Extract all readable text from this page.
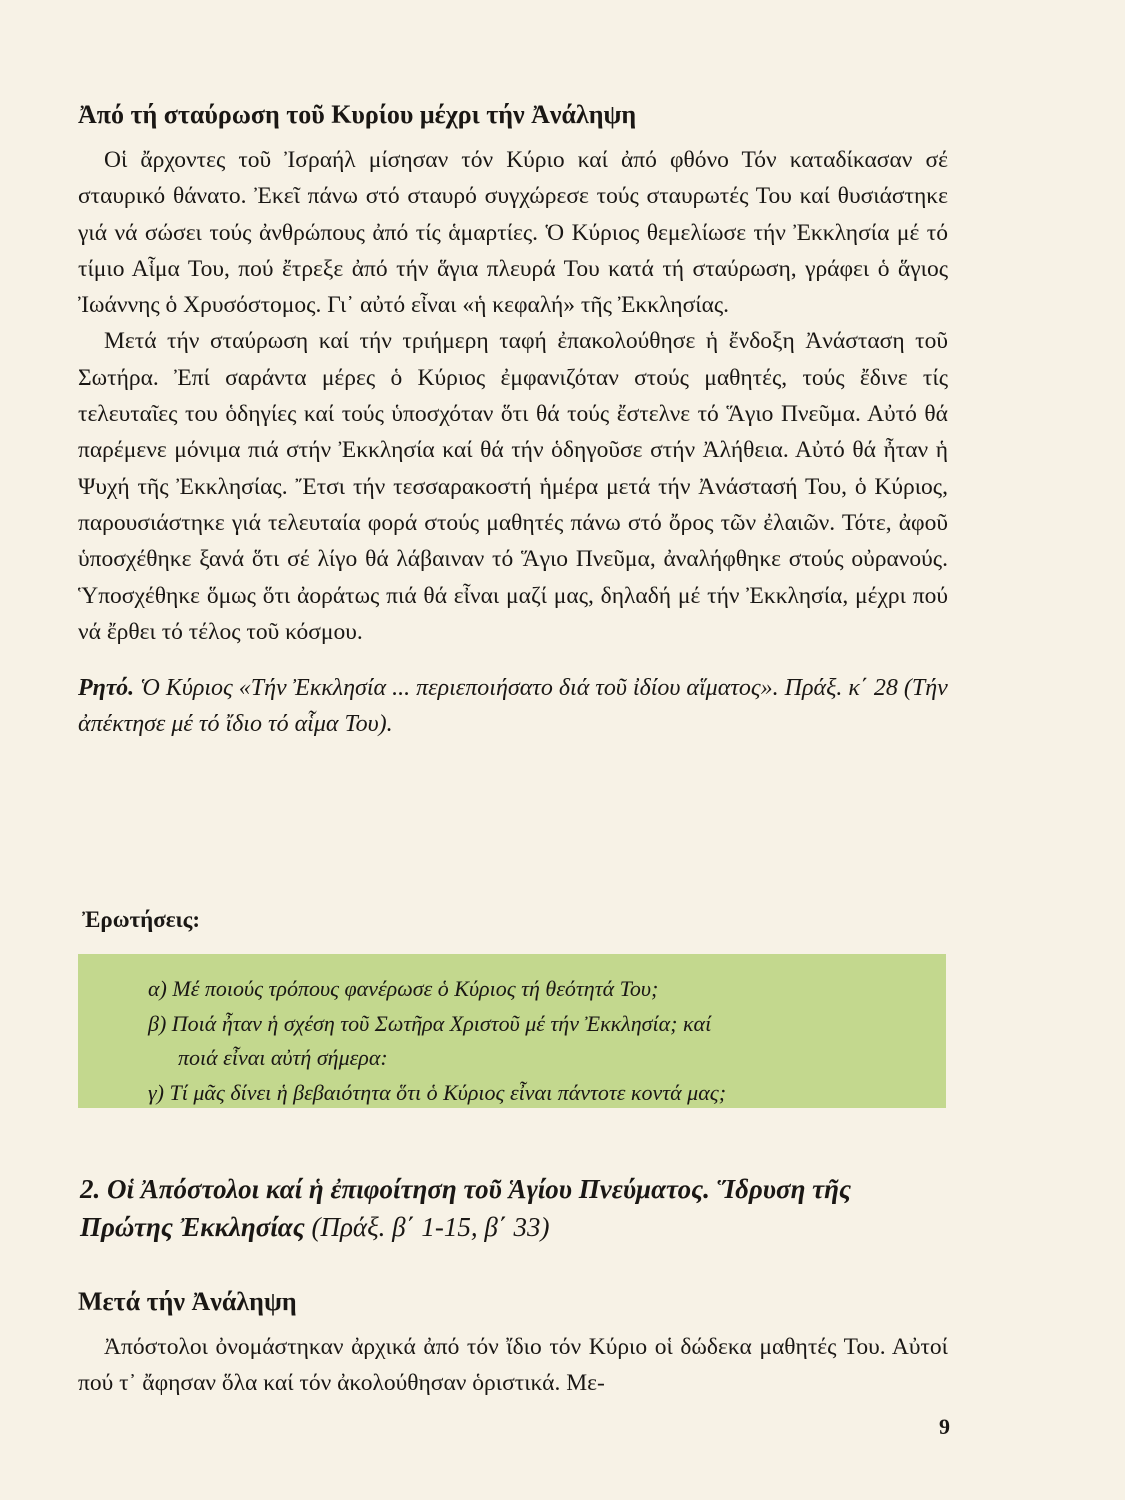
Ἀπό τή σταύρωση τοῦ Κυρίου μέχρι τήν Ἀνάληψη

Οἱ ἄρχοντες τοῦ Ἰσραήλ μίσησαν τόν Κύριο καί ἀπό φθόνο Τόν καταδίκασαν σέ σταυρικό θάνατο. Ἐκεῖ πάνω στό σταυρό συγχώρεσε τούς σταυρωτές Του καί θυσιάστηκε γιά νά σώσει τούς ἀνθρώπους ἀπό τίς ἁμαρτίες. Ὁ Κύριος θεμελίωσε τήν Ἐκκλησία μέ τό τίμιο Αἷμα Του, πού ἔτρεξε ἀπό τήν ἅγια πλευρά Του κατά τή σταύρωση, γράφει ὁ ἅγιος Ἰωάννης ὁ Χρυσόστομος. Γι᾽ αὐτό εἶναι «ἡ κεφαλή» τῆς Ἐκκλησίας.

Μετά τήν σταύρωση καί τήν τριήμερη ταφή ἐπακολούθησε ἡ ἔνδοξη Ἀνάσταση τοῦ Σωτήρα. Ἐπί σαράντα μέρες ὁ Κύριος ἐμφανιζόταν στούς μαθητές, τούς ἔδινε τίς τελευταῖες του ὁδηγίες καί τούς ὑποσχόταν ὅτι θά τούς ἔστελνε τό Ἅγιο Πνεῦμα. Αὐτό θά παρέμενε μόνιμα πιά στήν Ἐκκλησία καί θά τήν ὁδηγοῦσε στήν Ἀλήθεια. Αὐτό θά ἦταν ἡ Ψυχή τῆς Ἐκκλησίας. Ἔτσι τήν τεσσαρακοστή ἡμέρα μετά τήν Ἀνάστασή Του, ὁ Κύριος, παρουσιάστηκε γιά τελευταία φορά στούς μαθητές πάνω στό ὄρος τῶν ἐλαιῶν. Τότε, ἀφοῦ ὑποσχέθηκε ξανά ὅτι σέ λίγο θά λάβαιναν τό Ἅγιο Πνεῦμα, ἀναλήφθηκε στούς οὐρανούς. Ὑποσχέθηκε ὅμως ὅτι ἀοράτως πιά θά εἶναι μαζί μας, δηλαδή μέ τήν Ἐκκλησία, μέχρι πού νά ἔρθει τό τέλος τοῦ κόσμου.

Ρητό. Ὁ Κύριος «Τήν Ἐκκλησία ... περιεποιήσατο διά τοῦ ἰδίου αἵματος». Πράξ. κ΄ 28 (Τήν ἀπέκτησε μέ τό ἴδιο τό αἷμα Του).

Ἐρωτήσεις:

α) Μέ ποιούς τρόπους φανέρωσε ὁ Κύριος τή θεότητά Του;

β) Ποιά ἦταν ἡ σχέση τοῦ Σωτῆρα Χριστοῦ μέ τήν Ἐκκλησία; καί

ποιά εἶναι αὐτή σήμερα:

γ) Τί μᾶς δίνει ἡ βεβαιότητα ὅτι ὁ Κύριος εἶναι πάντοτε κοντά μας;

2. Οἱ Ἀπόστολοι καί ἡ ἐπιφοίτηση τοῦ Ἁγίου Πνεύματος. Ἵδρυση τῆς Πρώτης Ἐκκλησίας (Πράξ. β΄ 1-15, β΄ 33)
Μετά τήν Ἀνάληψη

Ἀπόστολοι ὀνομάστηκαν ἀρχικά ἀπό τόν ἴδιο τόν Κύριο οἱ δώδεκα μαθητές Του. Αὐτοί πού τ᾽ ἄφησαν ὅλα καί τόν ἀκολούθησαν ὁριστικά. Με-

9
